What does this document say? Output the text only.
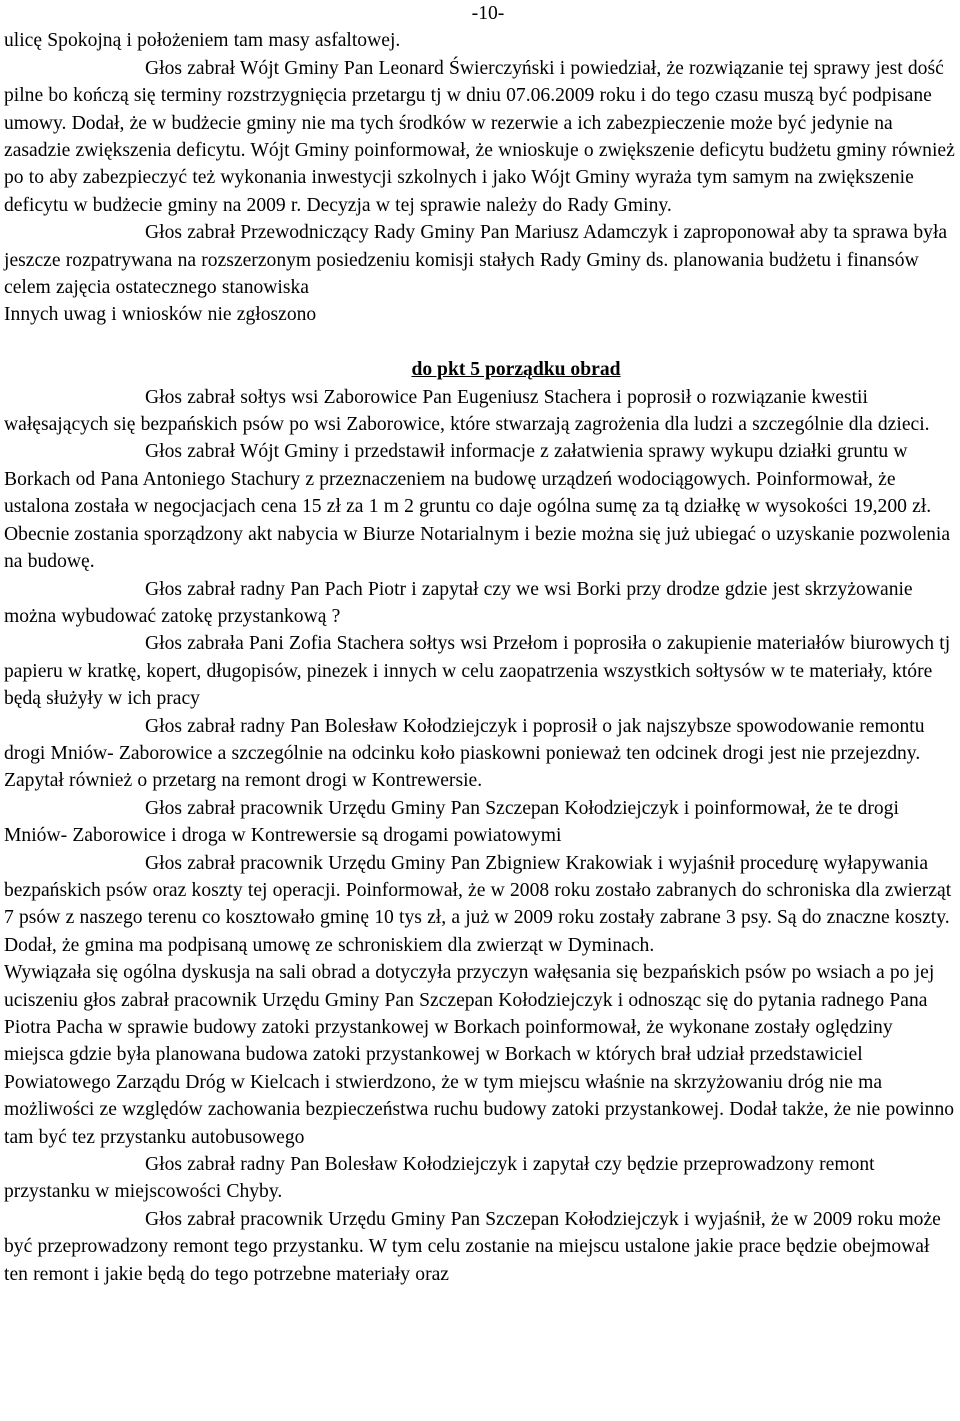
-10-

ulicę Spokojną i położeniem tam masy asfaltowej.

Głos zabrał Wójt Gminy Pan Leonard Świerczyński i powiedział, że rozwiązanie tej sprawy jest dość pilne bo kończą się terminy rozstrzygnięcia przetargu tj w dniu 07.06.2009 roku i do tego czasu muszą być podpisane umowy. Dodał, że w budżecie gminy nie ma tych środków w rezerwie a ich zabezpieczenie może być jedynie na zasadzie zwiększenia deficytu. Wójt Gminy poinformował, że wnioskuje o zwiększenie deficytu budżetu gminy również po to aby zabezpieczyć też wykonania inwestycji szkolnych i jako Wójt Gminy wyraża tym samym na zwiększenie deficytu w budżecie gminy na 2009 r. Decyzja w tej sprawie należy do Rady Gminy.

Głos zabrał Przewodniczący Rady Gminy Pan Mariusz Adamczyk i zaproponował aby ta sprawa była jeszcze rozpatrywana na rozszerzonym posiedzeniu komisji stałych Rady Gminy ds. planowania budżetu i finansów celem zajęcia ostatecznego stanowiska

Innych uwag i wniosków nie zgłoszono

do pkt 5 porządku obrad

Głos zabrał sołtys wsi Zaborowice Pan Eugeniusz Stachera i poprosił o rozwiązanie kwestii wałęsających się bezpańskich psów po wsi Zaborowice, które stwarzają zagrożenia dla ludzi a szczególnie dla dzieci.

Głos zabrał Wójt Gminy i przedstawił informacje z załatwienia sprawy wykupu działki gruntu w Borkach od Pana Antoniego Stachury z przeznaczeniem na budowę urządzeń wodociągowych. Poinformował, że ustalona została w negocjacjach cena 15 zł za 1 m 2 gruntu co daje ogólna sumę za tą działkę w wysokości 19,200 zł. Obecnie zostania sporządzony akt nabycia w Biurze Notarialnym i bezie można się już ubiegać o uzyskanie pozwolenia na budowę.

Głos zabrał radny Pan Pach Piotr i zapytał czy we wsi Borki przy drodze gdzie jest skrzyżowanie można wybudować zatokę przystankową ?

Głos zabrała Pani Zofia Stachera sołtys wsi Przełom i poprosiła o zakupienie materiałów biurowych tj papieru w kratkę, kopert, długopisów, pinezek i innych w celu zaopatrzenia wszystkich sołtysów w te materiały, które będą służyły w ich pracy

Głos zabrał radny Pan Bolesław Kołodziejczyk i poprosił o jak najszybsze spowodowanie remontu drogi Mniów- Zaborowice a szczególnie na odcinku koło piaskowni ponieważ ten odcinek drogi jest nie przejezdny. Zapytał również o przetarg na remont drogi w Kontrewersie.

Głos zabrał pracownik Urzędu Gminy Pan Szczepan Kołodziejczyk i poinformował, że te drogi Mniów- Zaborowice i droga w Kontrewersie są drogami powiatowymi

Głos zabrał pracownik Urzędu Gminy Pan Zbigniew Krakowiak i wyjaśnił procedurę wyłapywania bezpańskich psów oraz koszty tej operacji. Poinformował, że w 2008 roku zostało zabranych do schroniska dla zwierząt 7 psów z naszego terenu co kosztowało gminę 10 tys zł, a już w 2009 roku zostały zabrane 3 psy. Są do znaczne koszty. Dodał, że gmina ma podpisaną umowę ze schroniskiem dla zwierząt w Dyminach.

Wywiązała się ogólna dyskusja na sali obrad a dotyczyła przyczyn wałęsania się bezpańskich psów po wsiach a po jej uciszeniu głos zabrał pracownik Urzędu Gminy Pan Szczepan Kołodziejczyk i odnosząc się do pytania radnego Pana Piotra Pacha w sprawie budowy zatoki przystankowej w Borkach poinformował, że wykonane zostały oględziny miejsca gdzie była planowana budowa zatoki przystankowej w Borkach w których brał udział przedstawiciel Powiatowego Zarządu Dróg w Kielcach i stwierdzono, że w tym miejscu właśnie na skrzyżowaniu dróg nie ma możliwości ze względów zachowania bezpieczeństwa ruchu budowy zatoki przystankowej. Dodał także, że nie powinno tam być tez przystanku autobusowego

Głos zabrał radny Pan Bolesław Kołodziejczyk i zapytał czy będzie przeprowadzony remont przystanku w miejscowości Chyby.

Głos zabrał pracownik Urzędu Gminy Pan Szczepan Kołodziejczyk i wyjaśnił, że w 2009 roku może być przeprowadzony remont tego przystanku. W tym celu zostanie na miejscu ustalone jakie prace będzie obejmował ten remont i jakie będą do tego potrzebne materiały oraz
